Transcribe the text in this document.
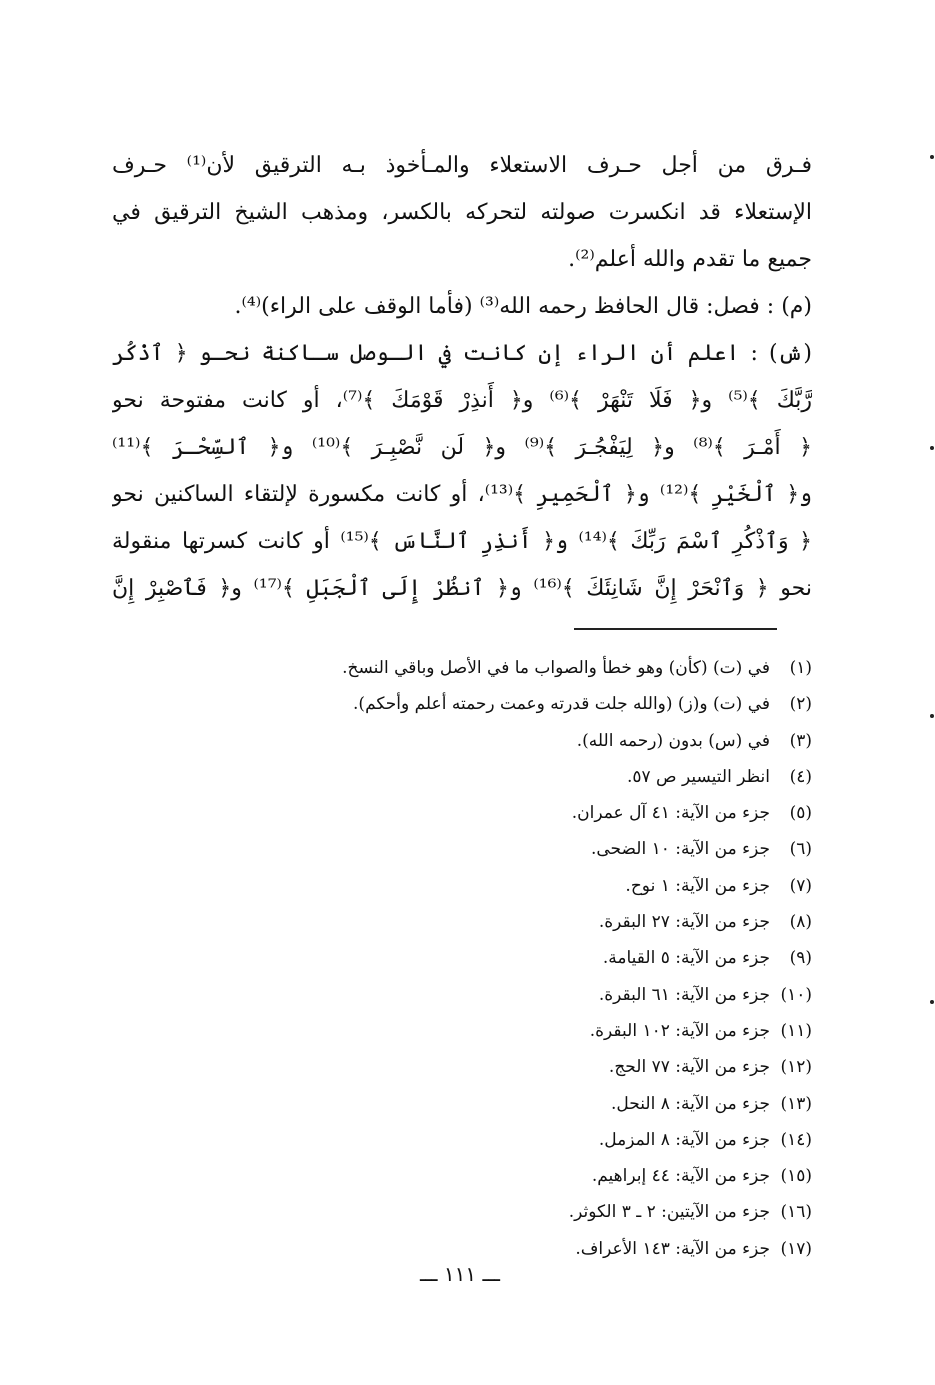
فـرق من أجل حـرف الاستعلاء والمـأخوذ بـه الترقيق لأن⁽¹⁾ حـرف
الإستعلاء قد انكسرت صولته لتحركه بالكسر، ومذهب الشيخ الترقيق في
جميع ما تقدم والله أعلم⁽²⁾.
(م) : فصل: قال الحافظ رحمه الله⁽³⁾ (فأما الوقف على الراء)⁽⁴⁾.
(ش) : اعلم أن الراء إن كانت في الـوصل سـاكنة نحـو ﴿ ٱذْكُر
رَّبَّكَ ﴾⁽⁵⁾ و﴿ فَلَا تَنْهَرْ ﴾⁽⁶⁾ و﴿ أَنذِرْ قَوْمَكَ ﴾⁽⁷⁾، أو كانت مفتوحة نحو
﴿ أَمْـرَ ﴾⁽⁸⁾ و﴿ لِيَفْجُـرَ ﴾⁽⁹⁾ و﴿ لَن نَّصْبِـرَ ﴾⁽¹⁰⁾ و﴿ ٱلسِّحْـرَ ﴾⁽¹¹⁾
و﴿ ٱلْخَيْرِ ﴾⁽¹²⁾ و﴿ ٱلْحَمِيرِ ﴾⁽¹³⁾، أو كانت مكسورة لإلتقاء الساكنين نحو
﴿ وَٱذْكُرِ ٱسْمَ رَبِّكَ ﴾⁽¹⁴⁾ و﴿ أَنذِرِ ٱلنَّاسَ ﴾⁽¹⁵⁾ أو كانت كسرتها منقولة
نحو ﴿ وَٱنْحَرْ إِنَّ شَانِئَكَ ﴾⁽¹⁶⁾ و﴿ ٱنظُرْ إِلَى ٱلْجَبَلِ ﴾⁽¹⁷⁾ و﴿ فَٱصْبِرْ إِنَّ
(١)في (ت) (كأن) وهو خطأ والصواب ما في الأصل وباقي النسخ.
(٢)في (ت) و(ز) (والله جلت قدرته وعمت رحمته أعلم وأحكم).
(٣)في (س) بدون (رحمه الله).
(٤)انظر التيسير ص ٥٧.
(٥)جزء من الآية: ٤١ آل عمران.
(٦)جزء من الآية: ١٠ الضحى.
(٧)جزء من الآية: ١ نوح.
(٨)جزء من الآية: ٢٧ البقرة.
(٩)جزء من الآية: ٥ القيامة.
(١٠)جزء من الآية: ٦١ البقرة.
(١١)جزء من الآية: ١٠٢ البقرة.
(١٢)جزء من الآية: ٧٧ الحج.
(١٣)جزء من الآية: ٨ النحل.
(١٤)جزء من الآية: ٨ المزمل.
(١٥)جزء من الآية: ٤٤ إبراهيم.
(١٦)جزء من الآيتين: ٢ ـ ٣ الكوثر.
(١٧)جزء من الآية: ١٤٣ الأعراف.
ـــ ١١١ ـــ
